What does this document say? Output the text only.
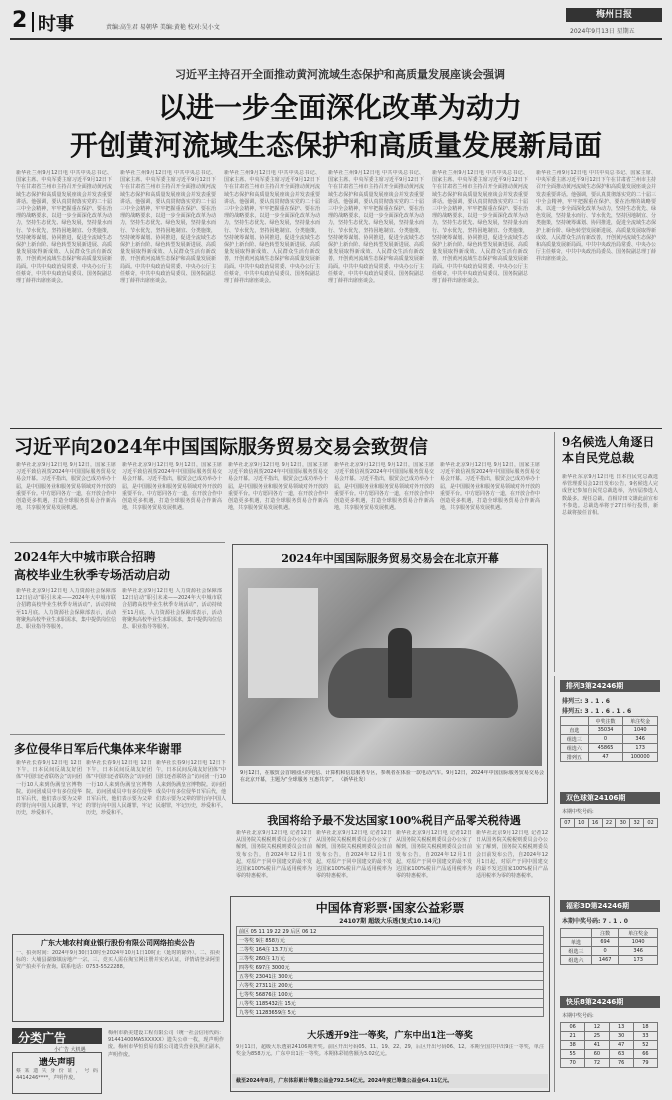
2 时事	责编:高生君 易朝华 美编:黄艳 校对:吴小文
梅州日报
2024年9月13日 星期五
习近平主持召开全面推动黄河流域生态保护和高质量发展座谈会强调
以进一步全面深化改革为动力
开创黄河流域生态保护和高质量发展新局面
新华社兰州9月12日电 中共中央总书记、国家主席、中央军委主席习近平9月12日下午在甘肃省兰州市主持召开全面推动黄河流域生态保护和高质量发展座谈会并发表重要讲话。他强调，要认真贯彻落实党的二十届三中全会精神，牢牢把握重在保护、要在治理的战略要求，以进一步全面深化改革为动力，坚持生态优先、绿色发展，坚持量水而行、节水优先，坚持因地制宜、分类施策，坚持统筹谋划、协同推进，促进全流域生态保护上新台阶、绿色转型发展新进展、高质量发展取得新成效、人民群众生活有新改善，开创黄河流域生态保护和高质量发展新局面。中共中央政治局常委、中央办公厅主任蔡奇，中共中央政治局委员、国务院副总理丁薛祥出席座谈会。
新华社兰州9月12日电 中共中央总书记、国家主席、中央军委主席习近平9月12日下午在甘肃省兰州市主持召开全面推动黄河流域生态保护和高质量发展座谈会并发表重要讲话。他强调，要认真贯彻落实党的二十届三中全会精神，牢牢把握重在保护、要在治理的战略要求，以进一步全面深化改革为动力，坚持生态优先、绿色发展，坚持量水而行、节水优先，坚持因地制宜、分类施策，坚持统筹谋划、协同推进，促进全流域生态保护上新台阶、绿色转型发展新进展、高质量发展取得新成效、人民群众生活有新改善，开创黄河流域生态保护和高质量发展新局面。中共中央政治局常委、中央办公厅主任蔡奇，中共中央政治局委员、国务院副总理丁薛祥出席座谈会。
新华社兰州9月12日电 中共中央总书记、国家主席、中央军委主席习近平9月12日下午在甘肃省兰州市主持召开全面推动黄河流域生态保护和高质量发展座谈会并发表重要讲话。他强调，要认真贯彻落实党的二十届三中全会精神，牢牢把握重在保护、要在治理的战略要求，以进一步全面深化改革为动力，坚持生态优先、绿色发展，坚持量水而行、节水优先，坚持因地制宜、分类施策，坚持统筹谋划、协同推进，促进全流域生态保护上新台阶、绿色转型发展新进展、高质量发展取得新成效、人民群众生活有新改善，开创黄河流域生态保护和高质量发展新局面。中共中央政治局常委、中央办公厅主任蔡奇，中共中央政治局委员、国务院副总理丁薛祥出席座谈会。
新华社兰州9月12日电 中共中央总书记、国家主席、中央军委主席习近平9月12日下午在甘肃省兰州市主持召开全面推动黄河流域生态保护和高质量发展座谈会并发表重要讲话。他强调，要认真贯彻落实党的二十届三中全会精神，牢牢把握重在保护、要在治理的战略要求，以进一步全面深化改革为动力，坚持生态优先、绿色发展，坚持量水而行、节水优先，坚持因地制宜、分类施策，坚持统筹谋划、协同推进，促进全流域生态保护上新台阶、绿色转型发展新进展、高质量发展取得新成效、人民群众生活有新改善，开创黄河流域生态保护和高质量发展新局面。中共中央政治局常委、中央办公厅主任蔡奇，中共中央政治局委员、国务院副总理丁薛祥出席座谈会。
新华社兰州9月12日电 中共中央总书记、国家主席、中央军委主席习近平9月12日下午在甘肃省兰州市主持召开全面推动黄河流域生态保护和高质量发展座谈会并发表重要讲话。他强调，要认真贯彻落实党的二十届三中全会精神，牢牢把握重在保护、要在治理的战略要求，以进一步全面深化改革为动力，坚持生态优先、绿色发展，坚持量水而行、节水优先，坚持因地制宜、分类施策，坚持统筹谋划、协同推进，促进全流域生态保护上新台阶、绿色转型发展新进展、高质量发展取得新成效、人民群众生活有新改善，开创黄河流域生态保护和高质量发展新局面。中共中央政治局常委、中央办公厅主任蔡奇，中共中央政治局委员、国务院副总理丁薛祥出席座谈会。
新华社兰州9月12日电 中共中央总书记、国家主席、中央军委主席习近平9月12日下午在甘肃省兰州市主持召开全面推动黄河流域生态保护和高质量发展座谈会并发表重要讲话。他强调，要认真贯彻落实党的二十届三中全会精神，牢牢把握重在保护、要在治理的战略要求，以进一步全面深化改革为动力，坚持生态优先、绿色发展，坚持量水而行、节水优先，坚持因地制宜、分类施策，坚持统筹谋划、协同推进，促进全流域生态保护上新台阶、绿色转型发展新进展、高质量发展取得新成效、人民群众生活有新改善，开创黄河流域生态保护和高质量发展新局面。中共中央政治局常委、中央办公厅主任蔡奇，中共中央政治局委员、国务院副总理丁薛祥出席座谈会。
习近平向2024年中国国际服务贸易交易会致贺信
新华社北京9月12日电 9月12日，国家主席习近平致信祝贺2024年中国国际服务贸易交易会开幕。习近平指出，服贸会已成功举办十届，是中国服务业和服务贸易领域对外开放的重要平台。中方愿同各方一道，在开放合作中创造更多机遇，打造全球服务贸易合作新高地，共享服务贸易发展机遇。
新华社北京9月12日电 9月12日，国家主席习近平致信祝贺2024年中国国际服务贸易交易会开幕。习近平指出，服贸会已成功举办十届，是中国服务业和服务贸易领域对外开放的重要平台。中方愿同各方一道，在开放合作中创造更多机遇，打造全球服务贸易合作新高地，共享服务贸易发展机遇。
新华社北京9月12日电 9月12日，国家主席习近平致信祝贺2024年中国国际服务贸易交易会开幕。习近平指出，服贸会已成功举办十届，是中国服务业和服务贸易领域对外开放的重要平台。中方愿同各方一道，在开放合作中创造更多机遇，打造全球服务贸易合作新高地，共享服务贸易发展机遇。
新华社北京9月12日电 9月12日，国家主席习近平致信祝贺2024年中国国际服务贸易交易会开幕。习近平指出，服贸会已成功举办十届，是中国服务业和服务贸易领域对外开放的重要平台。中方愿同各方一道，在开放合作中创造更多机遇，打造全球服务贸易合作新高地，共享服务贸易发展机遇。
新华社北京9月12日电 9月12日，国家主席习近平致信祝贺2024年中国国际服务贸易交易会开幕。习近平指出，服贸会已成功举办十届，是中国服务业和服务贸易领域对外开放的重要平台。中方愿同各方一道，在开放合作中创造更多机遇，打造全球服务贸易合作新高地，共享服务贸易发展机遇。
9名候选人角逐日本自民党总裁
新华社东京9月12日电 日本自民党总裁选举管理委员会12日发布公告，9名候选人完成登记参加自民党总裁选举，为历届参选人数最多。现任总裁、首相岸田文雄此前宣布不参选。总裁选举将于27日举行投票，新总裁将接任首相。
2024年大中城市联合招聘
高校毕业生秋季专场活动启动
新华社北京9月12日电 人力资源社会保障部12日启动“职引未来——2024年大中城市联合招聘高校毕业生秋季专场活动”，活动持续至11月底。人力资源社会保障部表示，活动将聚焦高校毕业生求职需求，集中提供岗位信息、职业指导等服务。
新华社北京9月12日电 人力资源社会保障部12日启动“职引未来——2024年大中城市联合招聘高校毕业生秋季专场活动”，活动持续至11月底。人力资源社会保障部表示，活动将聚焦高校毕业生求职需求，集中提供岗位信息、职业指导等服务。
2024年中国国际服务贸易交易会在北京开幕
9月12日，在服贸会首钢园区的电信、计算机和信息服务专区，参观者在体验一款电动汽车。9月12日，2024年中国国际服务贸易交易会在北京开幕，主题为“全球服务 互惠共享”。 （新华社发）
多位侵华日军后代集体来华谢罪
新华社长春9月12日电 12日下午，日本民间反战友好团体“中国归还者联络会”访问团一行10人来到伪满皇宫博物院。访问团成员中有多位侵华日军后代，他们表示要为父辈的罪行向中国人民谢罪，牢记历史，珍爱和平。
新华社长春9月12日电 12日下午，日本民间反战友好团体“中国归还者联络会”访问团一行10人来到伪满皇宫博物院。访问团成员中有多位侵华日军后代，他们表示要为父辈的罪行向中国人民谢罪，牢记历史，珍爱和平。
新华社长春9月12日电 12日下午，日本民间反战友好团体“中国归还者联络会”访问团一行10人来到伪满皇宫博物院。访问团成员中有多位侵华日军后代，他们表示要为父辈的罪行向中国人民谢罪，牢记历史，珍爱和平。
我国将给予最不发达国家100%税目产品零关税待遇
新华社北京9月12日电 记者12日从国务院关税税则委员会办公室了解到，国务院关税税则委员会日前发布公告，自2024年12月1日起，对原产于同中国建交的最不发达国家100%税目产品适用税率为零的特惠税率。
新华社北京9月12日电 记者12日从国务院关税税则委员会办公室了解到，国务院关税税则委员会日前发布公告，自2024年12月1日起，对原产于同中国建交的最不发达国家100%税目产品适用税率为零的特惠税率。
新华社北京9月12日电 记者12日从国务院关税税则委员会办公室了解到，国务院关税税则委员会日前发布公告，自2024年12月1日起，对原产于同中国建交的最不发达国家100%税目产品适用税率为零的特惠税率。
新华社北京9月12日电 记者12日从国务院关税税则委员会办公室了解到，国务院关税税则委员会日前发布公告，自2024年12月1日起，对原产于同中国建交的最不发达国家100%税目产品适用税率为零的特惠税率。
广东大埔农村商业银行股份有限公司网络拍卖公告
一、拍卖时间：2024年9月30日10时至2024年10月1日10时止（延时的除外）。二、拍卖标的：大埔县湖寮镇房地产一宗。三、竞买人需在淘宝网注册并实名认证，详情请登录阿里资产拍卖平台查询。联系电话：0753-5522288。
分类广告
小广告 大机遇
遗失声明
蔡某遗失身份证，号码4414246****，声明作废。
梅州市新美建设工程有限公司（统一社会信用代码：91441400MA5XXXXX）遗失公章一枚，现声明作废。梅州市华恒贸易有限公司遗失营业执照正副本，声明作废。
中国体育彩票·国家公益彩票
24107期 超级大乐透(复式10.14元)
前区 05 11 19 22 29 后区 06 12
一等奖 9注 858万元
二等奖 164注 13.7万元
三等奖 260注 1万元
四等奖 697注 3000元
五等奖 23041注 300元
六等奖 27311注 200元
七等奖 56876注 100元
八等奖 1185432注 15元
九等奖 11283659注 5元
大乐透开9注一等奖，广东中出1注一等奖
9月11日，超级大乐透第24106期开奖。前区开出号码05、11、19、22、29，后区开出号码06、12。本期全国共中出9注一等奖，单注奖金为858万元。广东中出1注一等奖。本期体彩销售额为3.02亿元。
截至2024年8月，广东体彩累计筹集公益金792.54亿元。2024年度已筹集公益金64.11亿元。
排列3第24246期
排列三: 3 . 1 . 6
排列五: 3 . 1 . 6 . 1 . 6
	中奖注数	单注奖金
直选	35034	1040
组选三	0	346
组选六	45865	173
排列五	47	100000
双色球第24106期
本期中奖号码:
07	10	16	22	30	32	02
福彩3D第24246期
本期中奖号码: 7 . 1 . 0
	注数	单注奖金
单选	694	1040
组选三	0	346
组选六	1467	173
快乐8第24246期
本期中奖号码:
06	12	13	18
21	25	30	33
38	41	47	52
55	60	63	66
70	72	76	79
